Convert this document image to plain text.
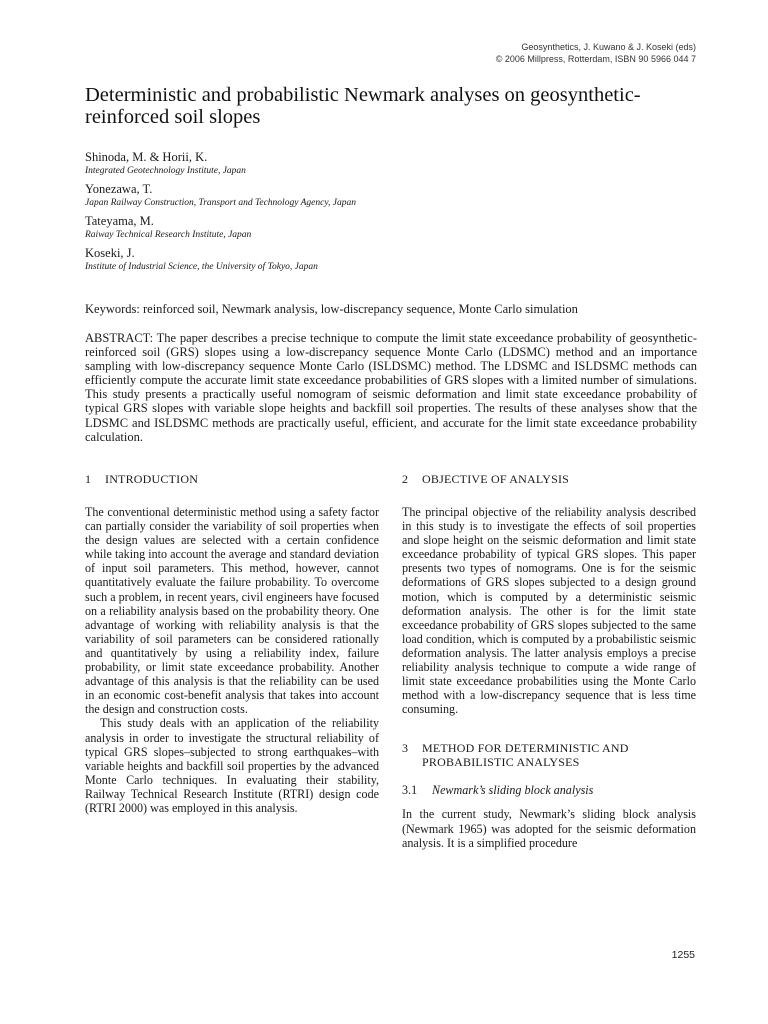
Geosynthetics, J. Kuwano & J. Koseki (eds)
© 2006 Millpress, Rotterdam, ISBN 90 5966 044 7
Deterministic and probabilistic Newmark analyses on geosynthetic-reinforced soil slopes
Shinoda, M. & Horii, K.
Integrated Geotechnology Institute, Japan
Yonezawa, T.
Japan Railway Construction, Transport and Technology Agency, Japan
Tateyama, M.
Raiway Technical Research Institute, Japan
Koseki, J.
Institute of Industrial Science, the University of Tokyo, Japan
Keywords: reinforced soil, Newmark analysis, low-discrepancy sequence, Monte Carlo simulation

ABSTRACT: The paper describes a precise technique to compute the limit state exceedance probability of geosynthetic-reinforced soil (GRS) slopes using a low-discrepancy sequence Monte Carlo (LDSMC) method and an importance sampling with low-discrepancy sequence Monte Carlo (ISLDSMC) method. The LDSMC and ISLDSMC methods can efficiently compute the accurate limit state exceedance probabilities of GRS slopes with a limited number of simulations. This study presents a practically useful nomogram of seismic deformation and limit state exceedance probability of typical GRS slopes with variable slope heights and backfill soil properties. The results of these analyses show that the LDSMC and ISLDSMC methods are practically useful, efficient, and accurate for the limit state exceedance probability calculation.

1 INTRODUCTION

The conventional deterministic method using a safety factor can partially consider the variability of soil properties when the design values are selected with a certain confidence while taking into account the average and standard deviation of input soil parameters. This method, however, cannot quantitatively evaluate the failure probability. To overcome such a problem, in recent years, civil engineers have focused on a reliability analysis based on the probability theory. One advantage of working with reliability analysis is that the variability of soil parameters can be considered rationally and quantitatively by using a reliability index, failure probability, or limit state exceedance probability. Another advantage of this analysis is that the reliability can be used in an economic cost-benefit analysis that takes into account the design and construction costs.

This study deals with an application of the reliability analysis in order to investigate the structural reliability of typical GRS slopes–subjected to strong earthquakes–with variable heights and backfill soil properties by the advanced Monte Carlo techniques. In evaluating their stability, Railway Technical Research Institute (RTRI) design code (RTRI 2000) was employed in this analysis.

2 OBJECTIVE OF ANALYSIS

The principal objective of the reliability analysis described in this study is to investigate the effects of soil properties and slope height on the seismic deformation and limit state exceedance probability of typical GRS slopes. This paper presents two types of nomograms. One is for the seismic deformations of GRS slopes subjected to a design ground motion, which is computed by a deterministic seismic deformation analysis. The other is for the limit state exceedance probability of GRS slopes subjected to the same load condition, which is computed by a probabilistic seismic deformation analysis. The latter analysis employs a precise reliability analysis technique to compute a wide range of limit state exceedance probabilities using the Monte Carlo method with a low-discrepancy sequence that is less time consuming.

3 METHOD FOR DETERMINISTIC AND PROBABILISTIC ANALYSES
3.1 Newmark’s sliding block analysis

In the current study, Newmark’s sliding block analysis (Newmark 1965) was adopted for the seismic deformation analysis. It is a simplified procedure

1255
